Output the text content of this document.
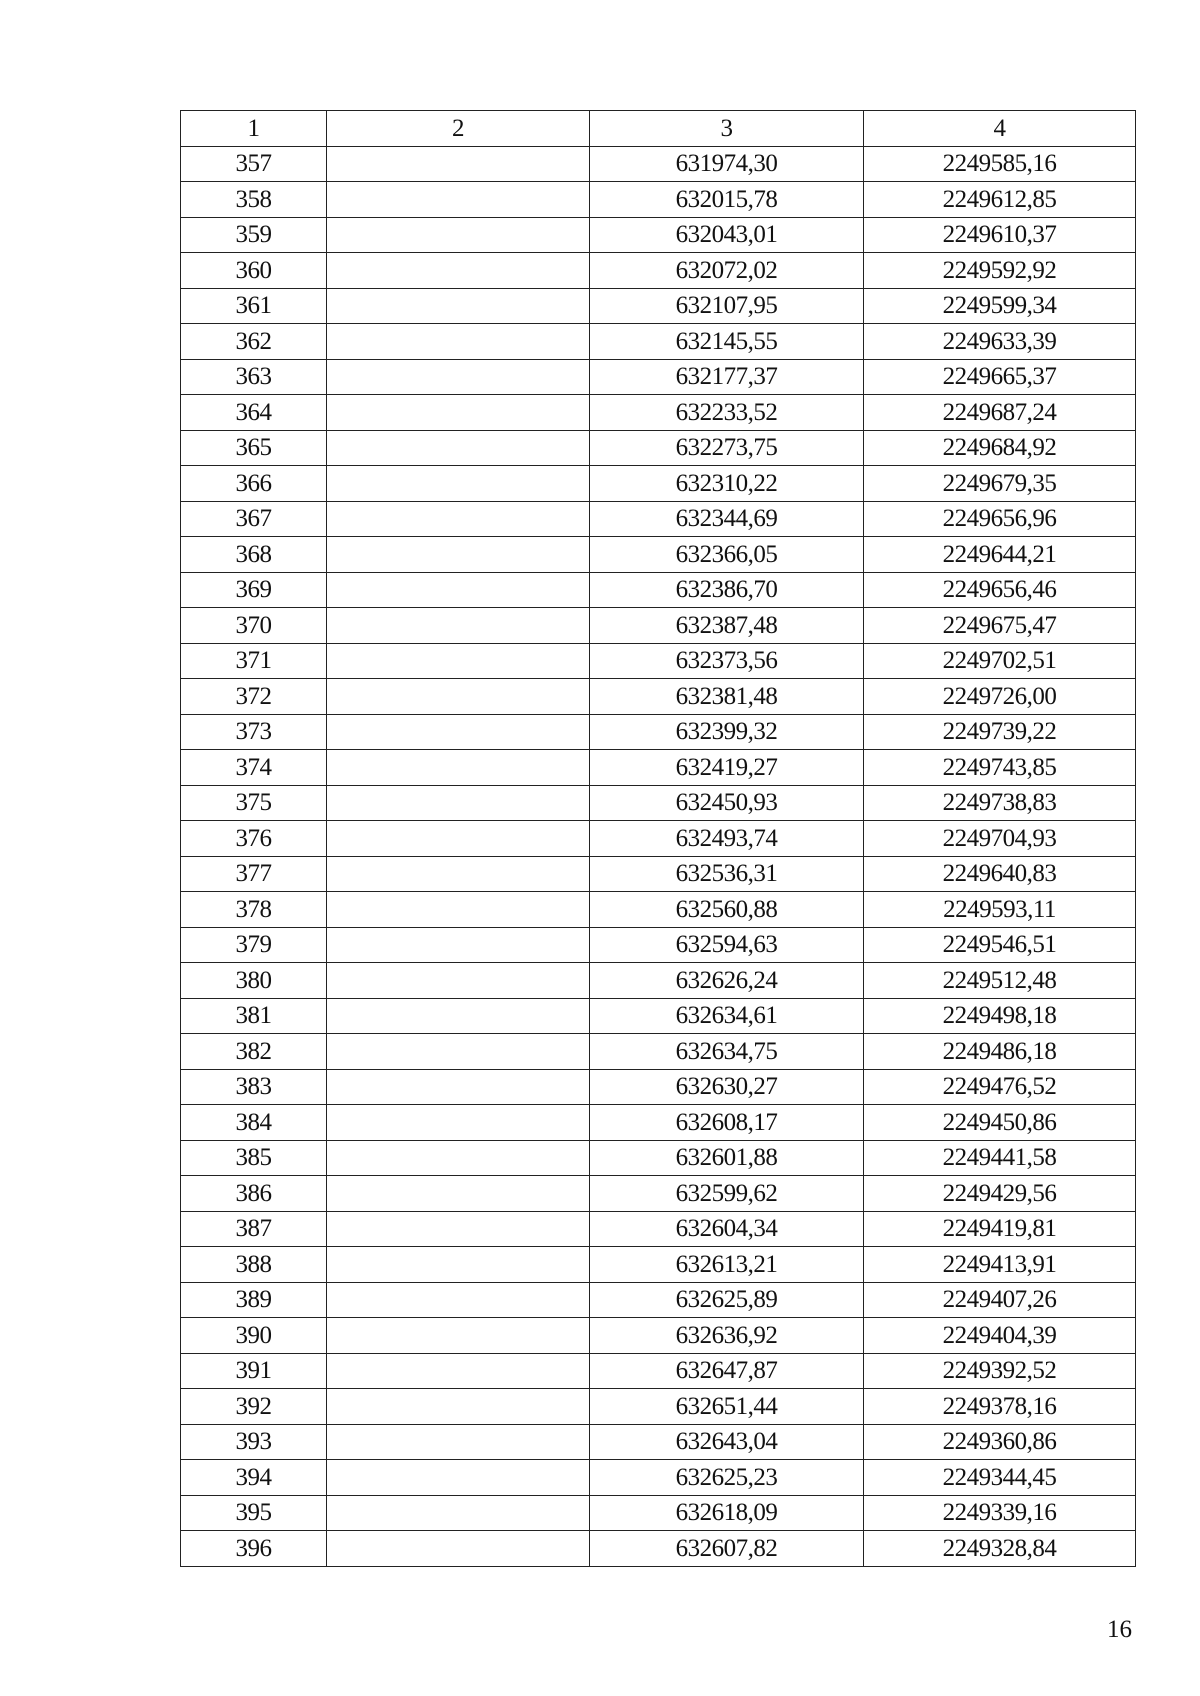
1	2	3	4
357		631974,30	2249585,16
358		632015,78	2249612,85
359		632043,01	2249610,37
360		632072,02	2249592,92
361		632107,95	2249599,34
362		632145,55	2249633,39
363		632177,37	2249665,37
364		632233,52	2249687,24
365		632273,75	2249684,92
366		632310,22	2249679,35
367		632344,69	2249656,96
368		632366,05	2249644,21
369		632386,70	2249656,46
370		632387,48	2249675,47
371		632373,56	2249702,51
372		632381,48	2249726,00
373		632399,32	2249739,22
374		632419,27	2249743,85
375		632450,93	2249738,83
376		632493,74	2249704,93
377		632536,31	2249640,83
378		632560,88	2249593,11
379		632594,63	2249546,51
380		632626,24	2249512,48
381		632634,61	2249498,18
382		632634,75	2249486,18
383		632630,27	2249476,52
384		632608,17	2249450,86
385		632601,88	2249441,58
386		632599,62	2249429,56
387		632604,34	2249419,81
388		632613,21	2249413,91
389		632625,89	2249407,26
390		632636,92	2249404,39
391		632647,87	2249392,52
392		632651,44	2249378,16
393		632643,04	2249360,86
394		632625,23	2249344,45
395		632618,09	2249339,16
396		632607,82	2249328,84
16
